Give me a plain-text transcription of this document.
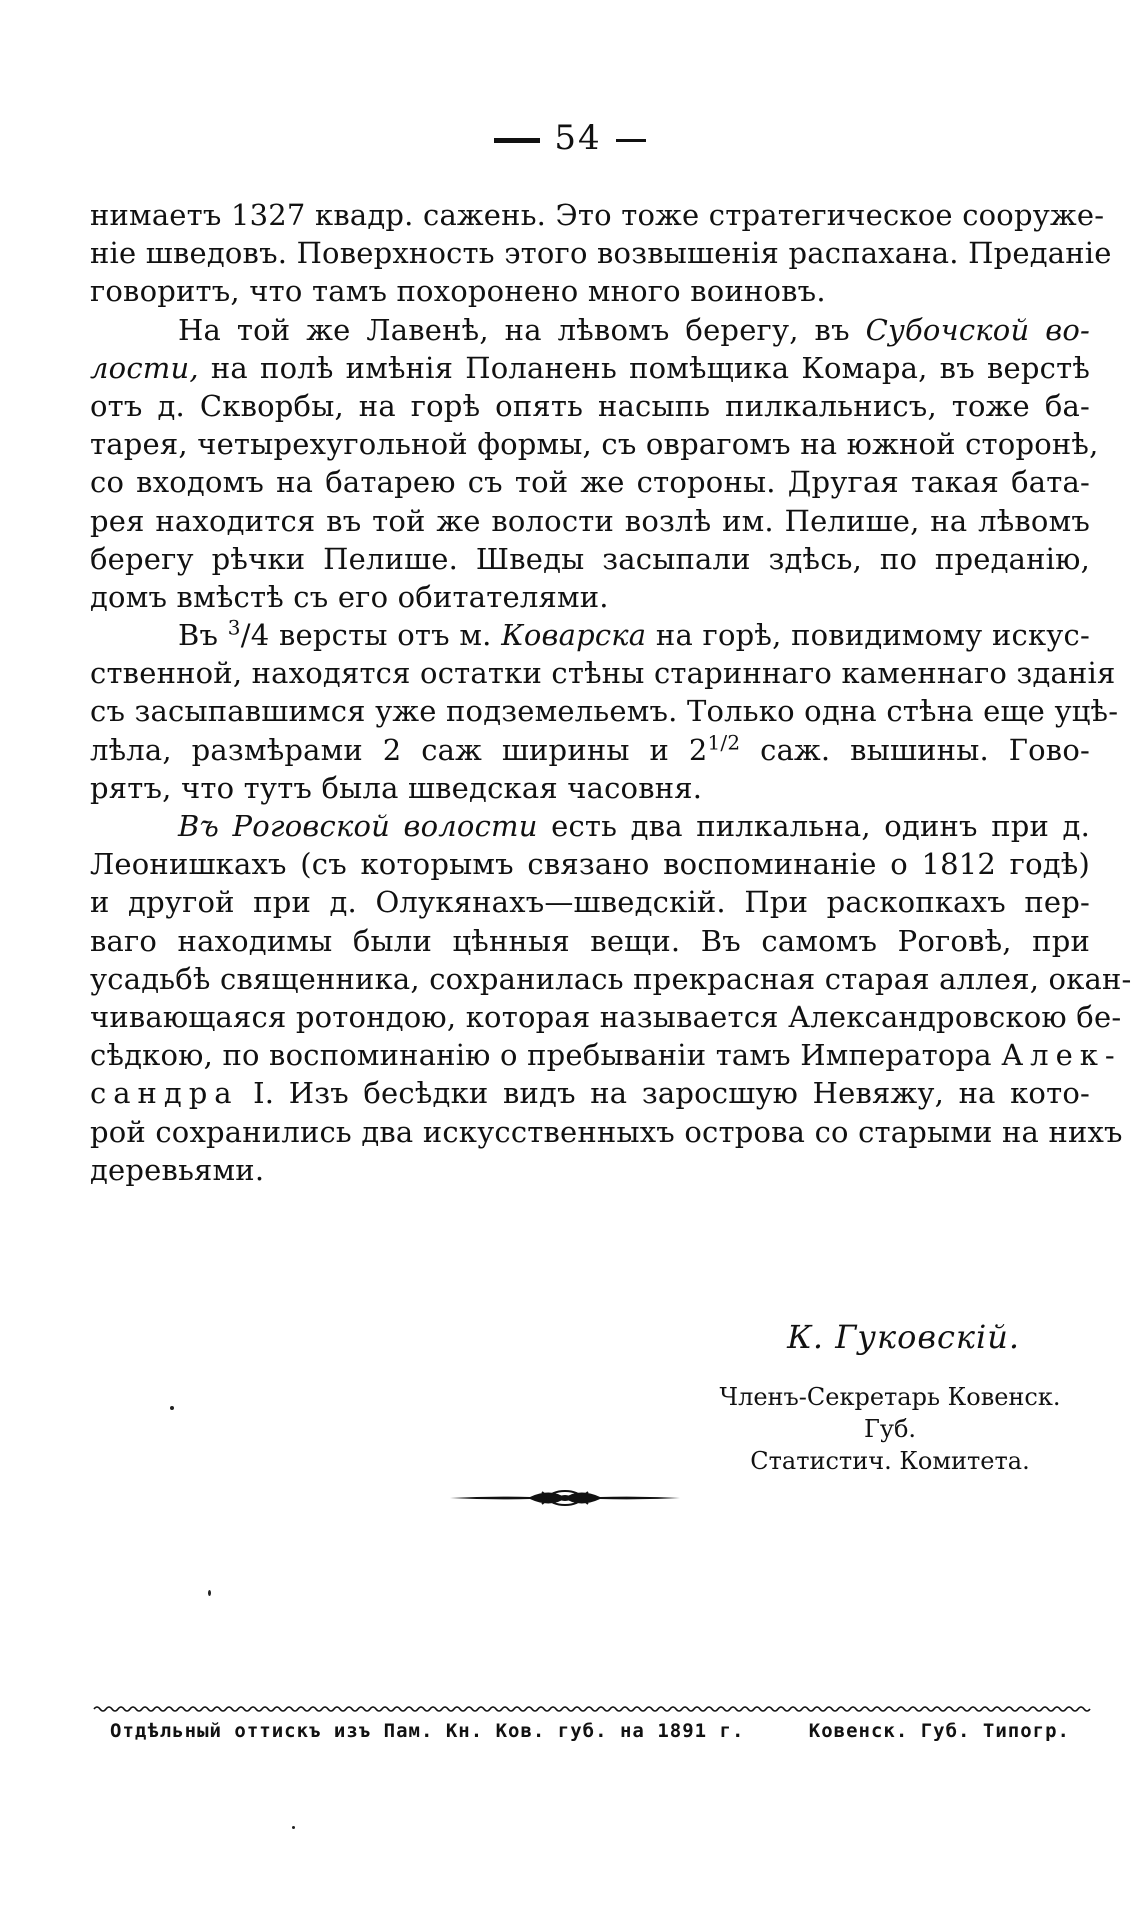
54
нимаетъ 1327 квадр. сажень. Это тоже стратегическое сооруже-
ніе шведовъ. Поверхность этого возвышенія распахана. Преданіе
говоритъ, что тамъ похоронено много воиновъ.
На той же Лавенѣ, на лѣвомъ берегу, въ Субочской во-
лости, на полѣ имѣнія Поланень помѣщика Комара, въ верстѣ
отъ д. Скворбы, на горѣ опять насыпь пилкальнисъ, тоже ба-
тарея, четырехугольной формы, съ оврагомъ на южной сторонѣ,
со входомъ на батарею съ той же стороны. Другая такая бата-
рея находится въ той же волости возлѣ им. Пелише, на лѣвомъ
берегу рѣчки Пелише. Шведы засыпали здѣсь, по преданію,
домъ вмѣстѣ съ его обитателями.
Въ $^3$/4 версты отъ м. Коварска на горѣ, повидимому искус-
ственной, находятся остатки стѣны стариннаго каменнаго зданія
съ засыпавшимся уже подземельемъ. Только одна стѣна еще уцѣ-
лѣла, размѣрами 2 саж ширины и $2^{1/2}$ саж. вышины. Гово-
рятъ, что тутъ была шведская часовня.
Въ Роговской волости есть два пилкальна, одинъ при д.
Леонишкахъ (съ которымъ связано воспоминаніе о 1812 годѣ)
и другой при д. Олукянахъ—шведскій. При раскопкахъ пер-
ваго находимы были цѣнныя вещи. Въ самомъ Роговѣ, при
усадьбѣ священника, сохранилась прекрасная старая аллея, окан-
чивающаяся ротондою, которая называется Александровскою бе-
сѣдкою, по воспоминанію о пребываніи тамъ Императора Алек-
сандра I. Изъ бесѣдки видъ на заросшую Невяжу, на кото-
рой сохранились два искусственныхъ острова со старыми на нихъ
деревьями.
К. Гуковскій.
Членъ-Секретарь Ковенск. Губ.
Статистич. Комитета.
Отдѣльный оттискъ изъ Пам. Кн. Ков. губ. на 1891 г.	Ковенск. Губ. Типогр.
